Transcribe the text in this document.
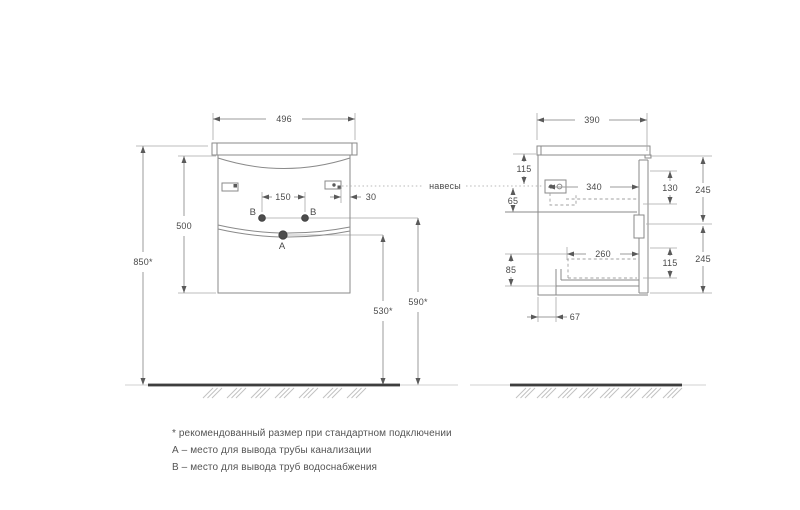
В	В
А
496
850*
500
150	30
590*
530*
навесы
390
115
65
85
340	130 245
260
115 245
67
* рекомендованный размер при стандартном подключении
А – место для вывода трубы канализации
В – место для вывода труб водоснабжения
